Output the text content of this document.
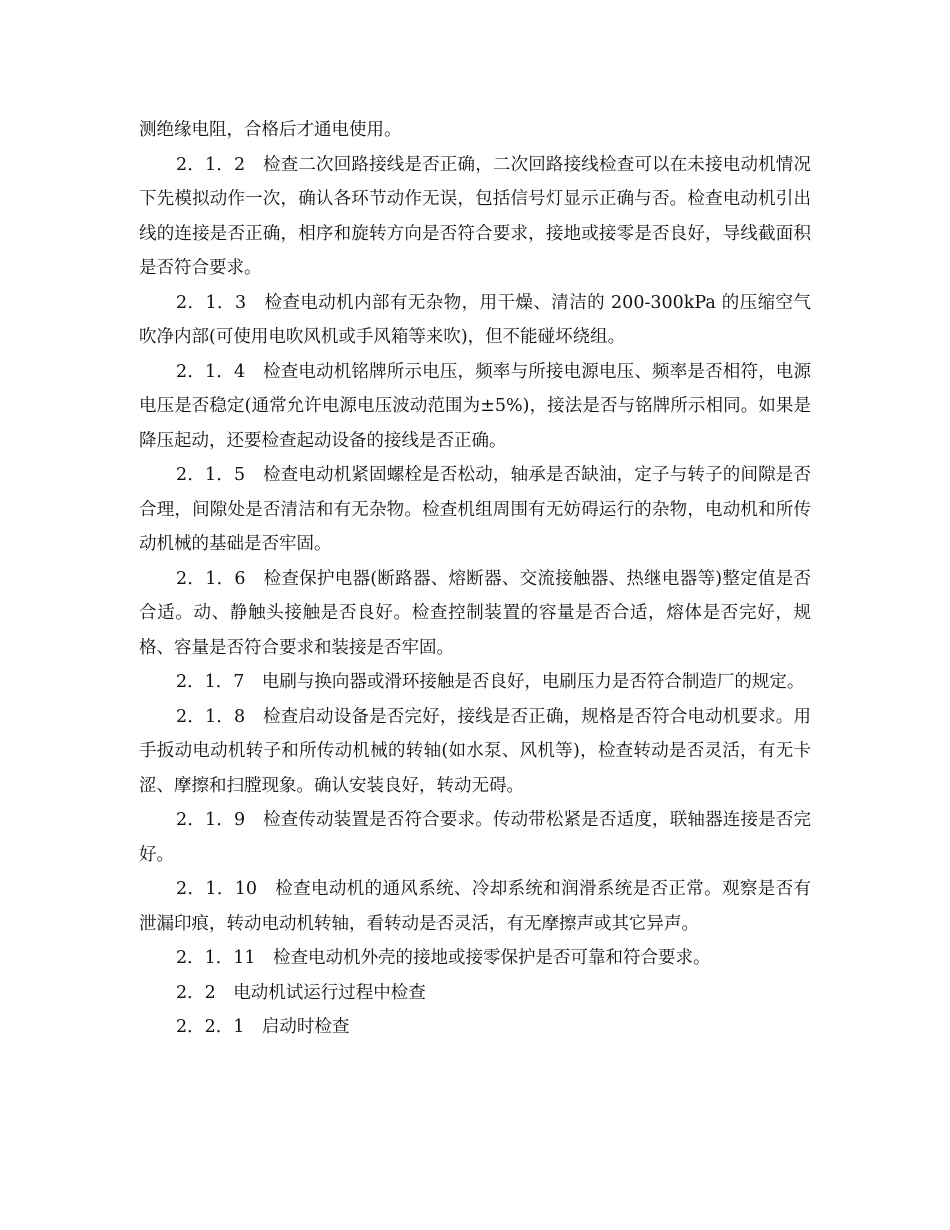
测绝缘电阻，合格后才通电使用。

2．1．2　检查二次回路接线是否正确，二次回路接线检查可以在未接电动机情况下先模拟动作一次，确认各环节动作无误，包括信号灯显示正确与否。检查电动机引出线的连接是否正确，相序和旋转方向是否符合要求，接地或接零是否良好，导线截面积是否符合要求。

2．1．3　检查电动机内部有无杂物，用干燥、清洁的 200-300kPa 的压缩空气吹净内部(可使用电吹风机或手风箱等来吹)，但不能碰坏绕组。

2．1．4　检查电动机铭牌所示电压，频率与所接电源电压、频率是否相符，电源电压是否稳定(通常允许电源电压波动范围为±5%)，接法是否与铭牌所示相同。如果是降压起动，还要检查起动设备的接线是否正确。

2．1．5　检查电动机紧固螺栓是否松动，轴承是否缺油，定子与转子的间隙是否合理，间隙处是否清洁和有无杂物。检查机组周围有无妨碍运行的杂物，电动机和所传动机械的基础是否牢固。

2．1．6　检查保护电器(断路器、熔断器、交流接触器、热继电器等)整定值是否合适。动、静触头接触是否良好。检查控制装置的容量是否合适，熔体是否完好，规格、容量是否符合要求和装接是否牢固。

2．1．7　电刷与换向器或滑环接触是否良好，电刷压力是否符合制造厂的规定。

2．1．8　检查启动设备是否完好，接线是否正确，规格是否符合电动机要求。用手扳动电动机转子和所传动机械的转轴(如水泵、风机等)，检查转动是否灵活，有无卡涩、摩擦和扫膛现象。确认安装良好，转动无碍。

2．1．9　检查传动装置是否符合要求。传动带松紧是否适度，联轴器连接是否完好。

2．1．10　检查电动机的通风系统、冷却系统和润滑系统是否正常。观察是否有泄漏印痕，转动电动机转轴，看转动是否灵活，有无摩擦声或其它异声。

2．1．11　检查电动机外壳的接地或接零保护是否可靠和符合要求。

2．2　电动机试运行过程中检查

2．2．1　启动时检查
